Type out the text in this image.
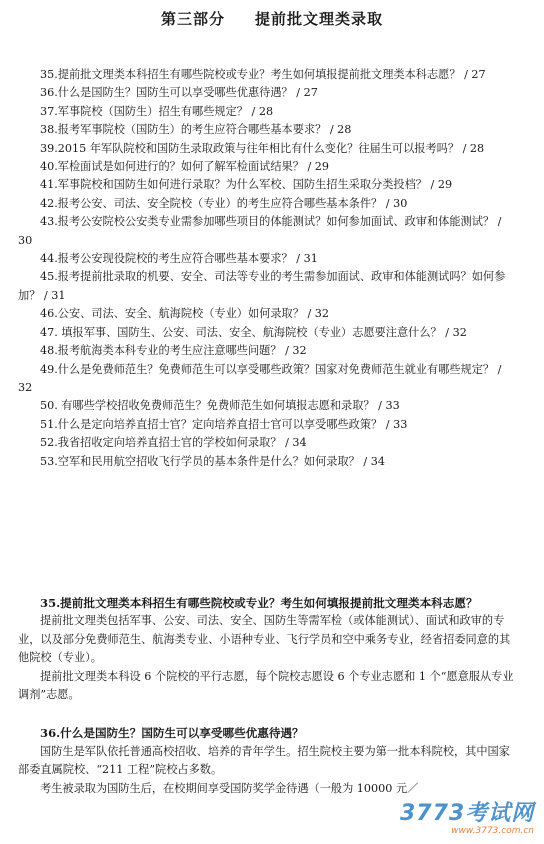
第三部分 提前批文理类录取
35.提前批文理类本科招生有哪些院校或专业？考生如何填报提前批文理类本科志愿？ / 27
36.什么是国防生？国防生可以享受哪些优惠待遇？ / 27
37.军事院校（国防生）招生有哪些规定？ / 28
38.报考军事院校（国防生）的考生应符合哪些基本要求？ / 28
39.2015 年军队院校和国防生录取政策与往年相比有什么变化？往届生可以报考吗？ / 28
40.军检面试是如何进行的？如何了解军检面试结果？ / 29
41.军事院校和国防生如何进行录取？为什么军校、国防生招生采取分类投档？ / 29
42.报考公安、司法、安全院校（专业）的考生应符合哪些基本条件？ / 30
43.报考公安院校公安类专业需参加哪些项目的体能测试？如何参加面试、政审和体能测试？ / 30
44.报考公安现役院校的考生应符合哪些基本要求？ / 31
45.报考提前批录取的机要、安全、司法等专业的考生需参加面试、政审和体能测试吗？如何参加？ / 31
46.公安、司法、安全、航海院校（专业）如何录取？ / 32
47. 填报军事、国防生、公安、司法、安全、航海院校（专业）志愿要注意什么？ / 32
48.报考航海类本科专业的考生应注意哪些问题？ / 32
49.什么是免费师范生？免费师范生可以享受哪些政策？国家对免费师范生就业有哪些规定？ / 32
50. 有哪些学校招收免费师范生？免费师范生如何填报志愿和录取？ / 33
51.什么是定向培养直招士官？定向培养直招士官可以享受哪些政策？ / 33
52.我省招收定向培养直招士官的学校如何录取？ / 34
53.空军和民用航空招收飞行学员的基本条件是什么？如何录取？ / 34
35.提前批文理类本科招生有哪些院校或专业？考生如何填报提前批文理类本科志愿？

提前批文理类包括军事、公安、司法、安全、国防生等需军检（或体能测试）、面试和政审的专业，以及部分免费师范生、航海类专业、小语种专业、飞行学员和空中乘务专业，经省招委同意的其他院校（专业）。

提前批文理类本科设 6 个院校的平行志愿，每个院校志愿设 6 个专业志愿和 1 个“愿意服从专业调剂”志愿。

36.什么是国防生？国防生可以享受哪些优惠待遇？

国防生是军队依托普通高校招收、培养的青年学生。招生院校主要为第一批本科院校，其中国家部委直属院校、“211 工程”院校占多数。

考生被录取为国防生后，在校期间享受国防奖学金待遇（一般为 10000 元／

3773考试网
www.3773.com.cn
